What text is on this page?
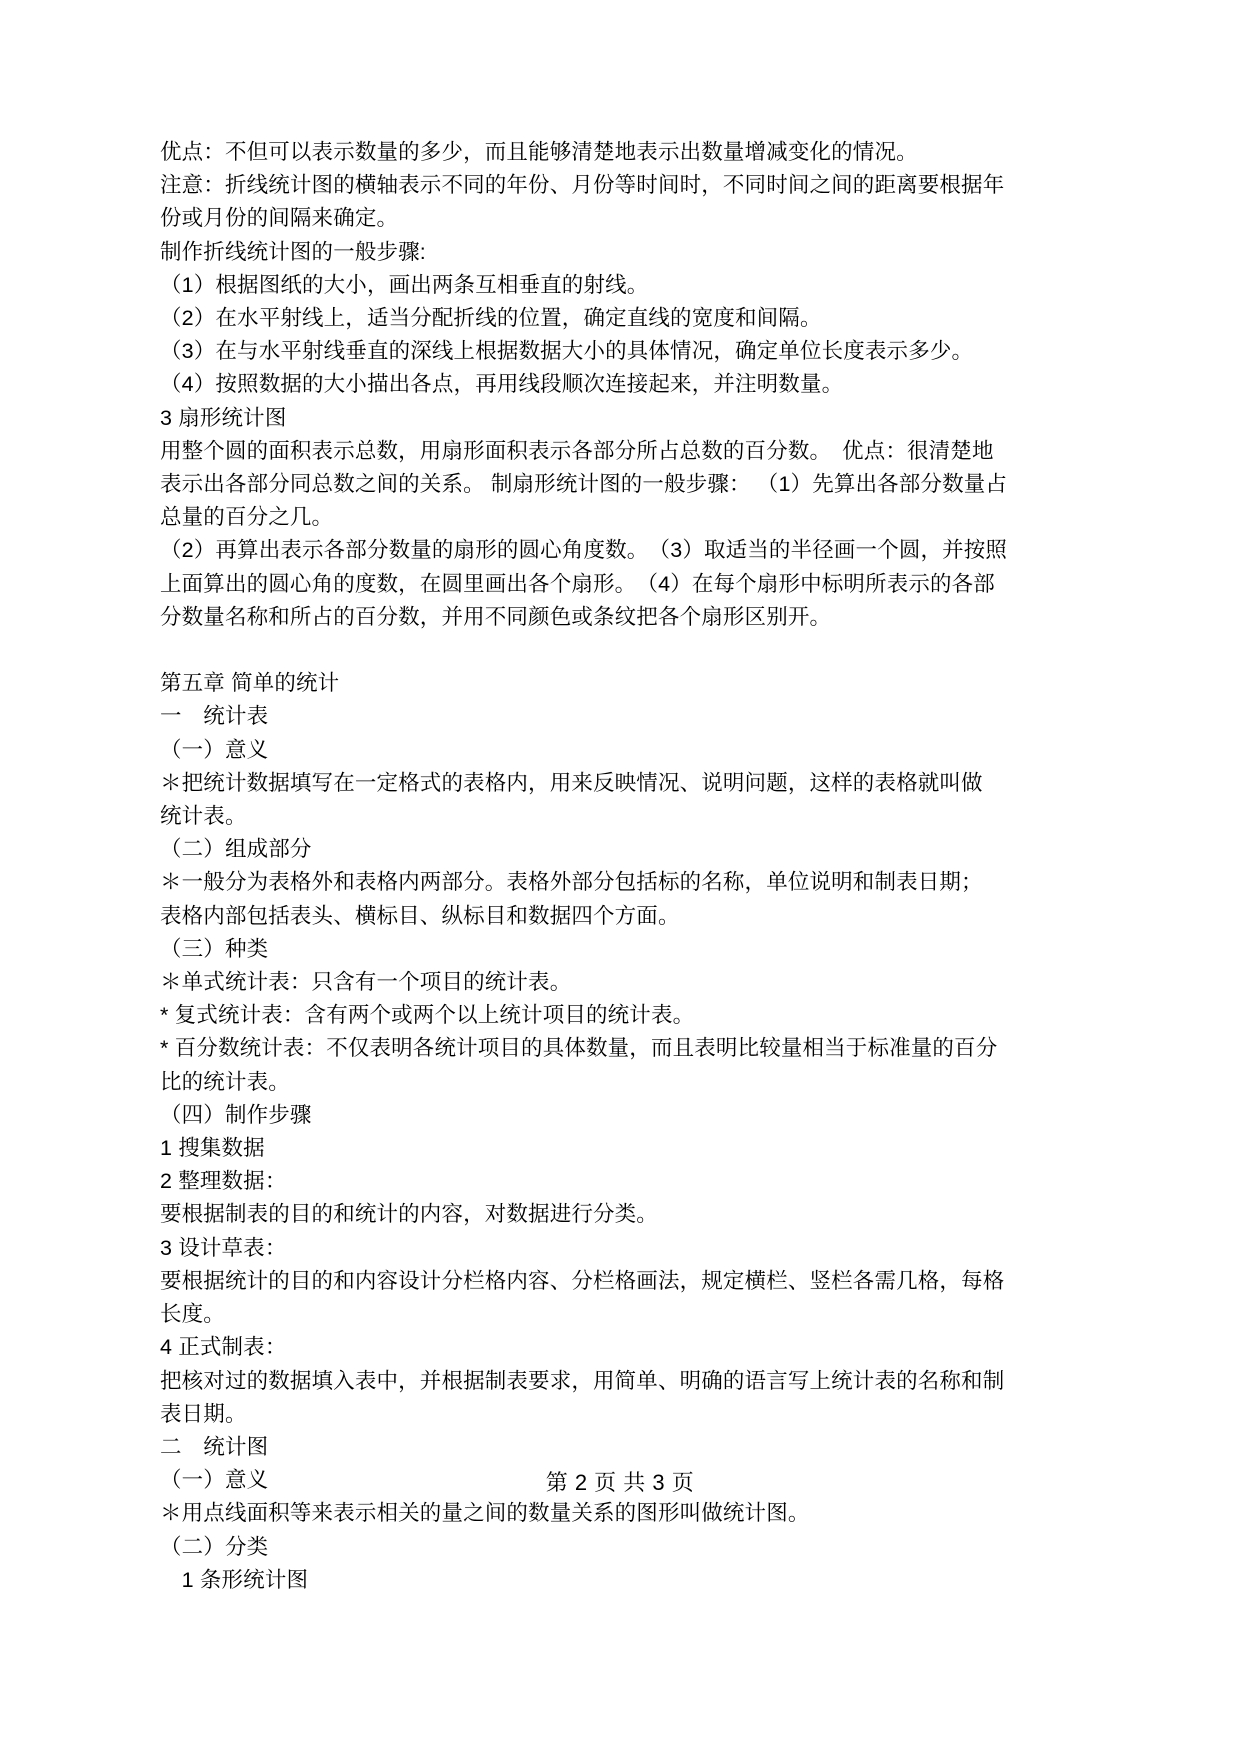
优点：不但可以表示数量的多少，而且能够清楚地表示出数量增减变化的情况。
注意：折线统计图的横轴表示不同的年份、月份等时间时，不同时间之间的距离要根据年
份或月份的间隔来确定。
制作折线统计图的一般步骤:
（1）根据图纸的大小，画出两条互相垂直的射线。
（2）在水平射线上，适当分配折线的位置，确定直线的宽度和间隔。
（3）在与水平射线垂直的深线上根据数据大小的具体情况，确定单位长度表示多少。
（4）按照数据的大小描出各点，再用线段顺次连接起来，并注明数量。
3 扇形统计图
用整个圆的面积表示总数，用扇形面积表示各部分所占总数的百分数。　优点：很清楚地
表示出各部分同总数之间的关系。 制扇形统计图的一般步骤： （1）先算出各部分数量占
总量的百分之几。
（2）再算出表示各部分数量的扇形的圆心角度数。　（3）取适当的半径画一个圆，并按照
上面算出的圆心角的度数，在圆里画出各个扇形。　（4）在每个扇形中标明所表示的各部
分数量名称和所占的百分数，并用不同颜色或条纹把各个扇形区别开。
第五章 简单的统计
一　统计表
（一）意义
＊把统计数据填写在一定格式的表格内，用来反映情况、说明问题，这样的表格就叫做
统计表。
（二）组成部分
＊一般分为表格外和表格内两部分。表格外部分包括标的名称，单位说明和制表日期；
表格内部包括表头、横标目、纵标目和数据四个方面。
（三）种类
＊单式统计表：只含有一个项目的统计表。
* 复式统计表：含有两个或两个以上统计项目的统计表。
* 百分数统计表：不仅表明各统计项目的具体数量，而且表明比较量相当于标准量的百分
比的统计表。
（四）制作步骤
1 搜集数据
2 整理数据：
要根据制表的目的和统计的内容，对数据进行分类。
3 设计草表：
要根据统计的目的和内容设计分栏格内容、分栏格画法，规定横栏、竖栏各需几格，每格
长度。
4 正式制表：
把核对过的数据填入表中，并根据制表要求，用简单、明确的语言写上统计表的名称和制
表日期。
二　统计图
（一）意义
＊用点线面积等来表示相关的量之间的数量关系的图形叫做统计图。
（二）分类
　1 条形统计图
第 2 页 共 3 页
